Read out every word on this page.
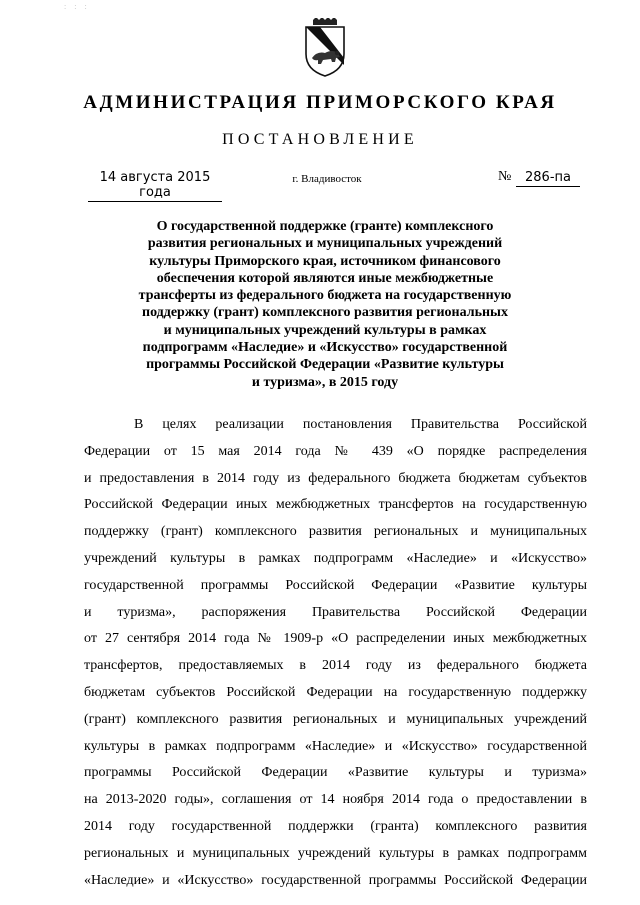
: : :
АДМИНИСТРАЦИЯ ПРИМОРСКОГО КРАЯ
ПОСТАНОВЛЕНИЕ
14 августа 2015 года
г. Владивосток	№	286-па

О государственной поддержке (гранте) комплексного
развития региональных и муниципальных учреждений
культуры Приморского края, источником финансового
обеспечения которой являются иные межбюджетные
трансферты из федерального бюджета на государственную
поддержку (грант) комплексного развития региональных
и муниципальных учреждений культуры в рамках
подпрограмм «Наследие» и «Искусство» государственной
программы Российской Федерации «Развитие культуры
и туризма», в 2015 году

В целях реализации постановления Правительства Российской
Федерации от 15 мая 2014 года № 439 «О порядке распределения
и предоставления в 2014 году из федерального бюджета бюджетам субъектов
Российской Федерации иных межбюджетных трансфертов на государственную
поддержку (грант) комплексного развития региональных и муниципальных
учреждений культуры в рамках подпрограмм «Наследие» и «Искусство»
государственной программы Российской Федерации «Развитие культуры
и туризма», распоряжения Правительства Российской Федерации
от 27 сентября 2014 года № 1909-р «О распределении иных межбюджетных
трансфертов, предоставляемых в 2014 году из федерального бюджета
бюджетам субъектов Российской Федерации на государственную поддержку
(грант) комплексного развития региональных и муниципальных учреждений
культуры в рамках подпрограмм «Наследие» и «Искусство» государственной
программы Российской Федерации «Развитие культуры и туризма»
на 2013-2020 годы», соглашения от 14 ноября 2014 года о предоставлении в
2014 году государственной поддержки (гранта) комплексного развития
региональных и муниципальных учреждений культуры в рамках подпрограмм
«Наследие» и «Искусство» государственной программы Российской Федерации
